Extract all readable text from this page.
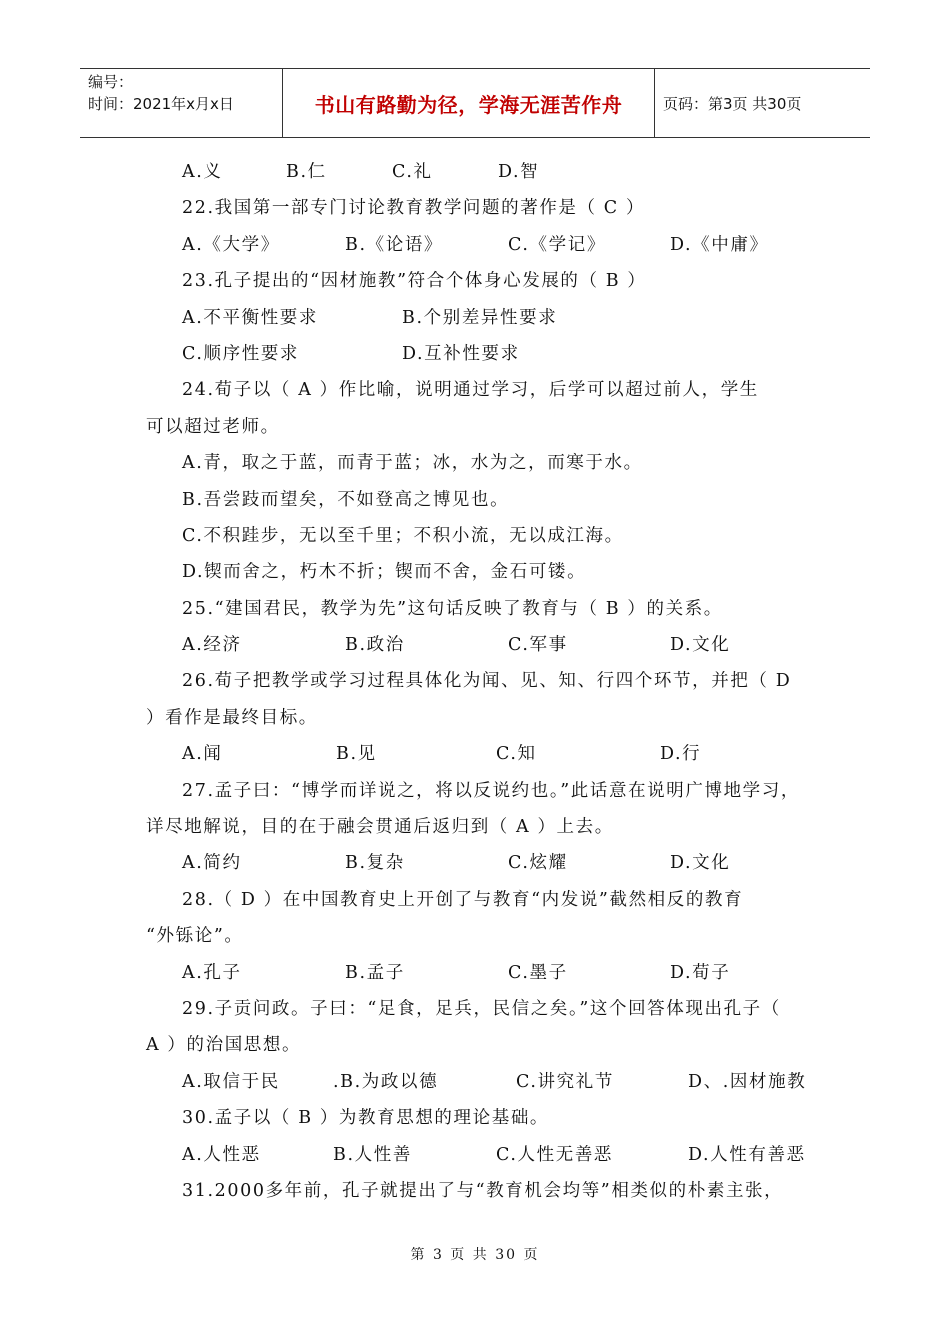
编号：
时间：2021年x月x日	书山有路勤为径，学海无涯苦作舟	页码：第3页 共30页
A.义	B.仁	C.礼	D.智
22.我国第一部专门讨论教育教学问题的著作是（ C ）
A.《大学》	B.《论语》	C.《学记》	D.《中庸》
23.孔子提出的“因材施教”符合个体身心发展的（ B ）
A.不平衡性要求	B.个别差异性要求
C.顺序性要求	D.互补性要求
24.荀子以（ A ）作比喻，说明通过学习，后学可以超过前人，学生
可以超过老师。
A.青，取之于蓝，而青于蓝；冰，水为之，而寒于水。
B.吾尝跂而望矣，不如登高之博见也。
C.不积跬步，无以至千里；不积小流，无以成江海。
D.锲而舍之，朽木不折；锲而不舍，金石可镂。
25.“建国君民，教学为先”这句话反映了教育与（ B ）的关系。
A.经济	B.政治	C.军事	D.文化
26.荀子把教学或学习过程具体化为闻、见、知、行四个环节，并把（ D
）看作是最终目标。
A.闻	B.见	C.知	D.行
27.孟子曰：“博学而详说之，将以反说约也。”此话意在说明广博地学习，
详尽地解说，目的在于融会贯通后返归到（ A ）上去。
A.简约	B.复杂	C.炫耀	D.文化
28.（ D ）在中国教育史上开创了与教育“内发说”截然相反的教育
“外铄论”。
A.孔子	B.孟子	C.墨子	D.荀子
29.子贡问政。子曰：“足食，足兵，民信之矣。”这个回答体现出孔子（
A ）的治国思想。
A.取信于民	.B.为政以德	C.讲究礼节	D、.因材施教
30.孟子以（ B ）为教育思想的理论基础。
A.人性恶	B.人性善	C.人性无善恶	D.人性有善恶
31.2000多年前，孔子就提出了与“教育机会均等”相类似的朴素主张，
第 3 页 共 30 页
